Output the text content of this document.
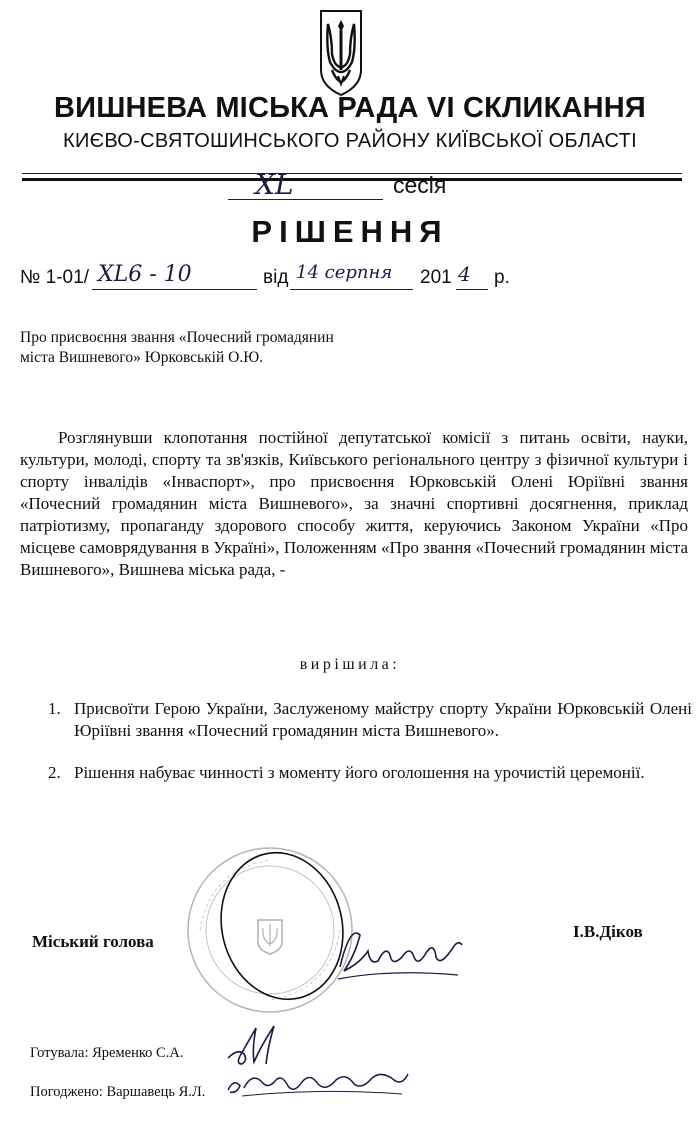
ВИШНЕВА МІСЬКА РАДА VI СКЛИКАННЯ
КИЄВО-СВЯТОШИНСЬКОГО РАЙОНУ КИЇВСЬКОЇ ОБЛАСТІ
XL	сесія
РІШЕННЯ
№ 1-01/ XL6 - 10	від 14 серпня 201 4 р.
Про присвоєння звання «Почесний громадянин
міста Вишневого» Юрковській О.Ю.
Розглянувши клопотання постійної депутатської комісії з питань освіти, науки, культури, молоді, спорту та зв'язків, Київського регіонального центру з фізичної культури і спорту інвалідів «Інваспорт», про присвоєння Юрковській Олені Юріївні звання «Почесний громадянин міста Вишневого», за значні спортивні досягнення, приклад патріотизму, пропаганду здорового способу життя, керуючись Законом України «Про місцеве самоврядування в Україні», Положенням «Про звання «Почесний громадянин міста Вишневого», Вишнева міська рада, -
вирішила:
1. Присвоїти Герою України, Заслуженому майстру спорту України Юрковській Олені Юріївні звання «Почесний громадянин міста Вишневого».
2. Рішення набуває чинності з моменту його оголошення на урочистій церемонії.
Міський голова
І.В.Діков
Готувала: Яременко С.А.
Погоджено: Варшавець Я.Л.
